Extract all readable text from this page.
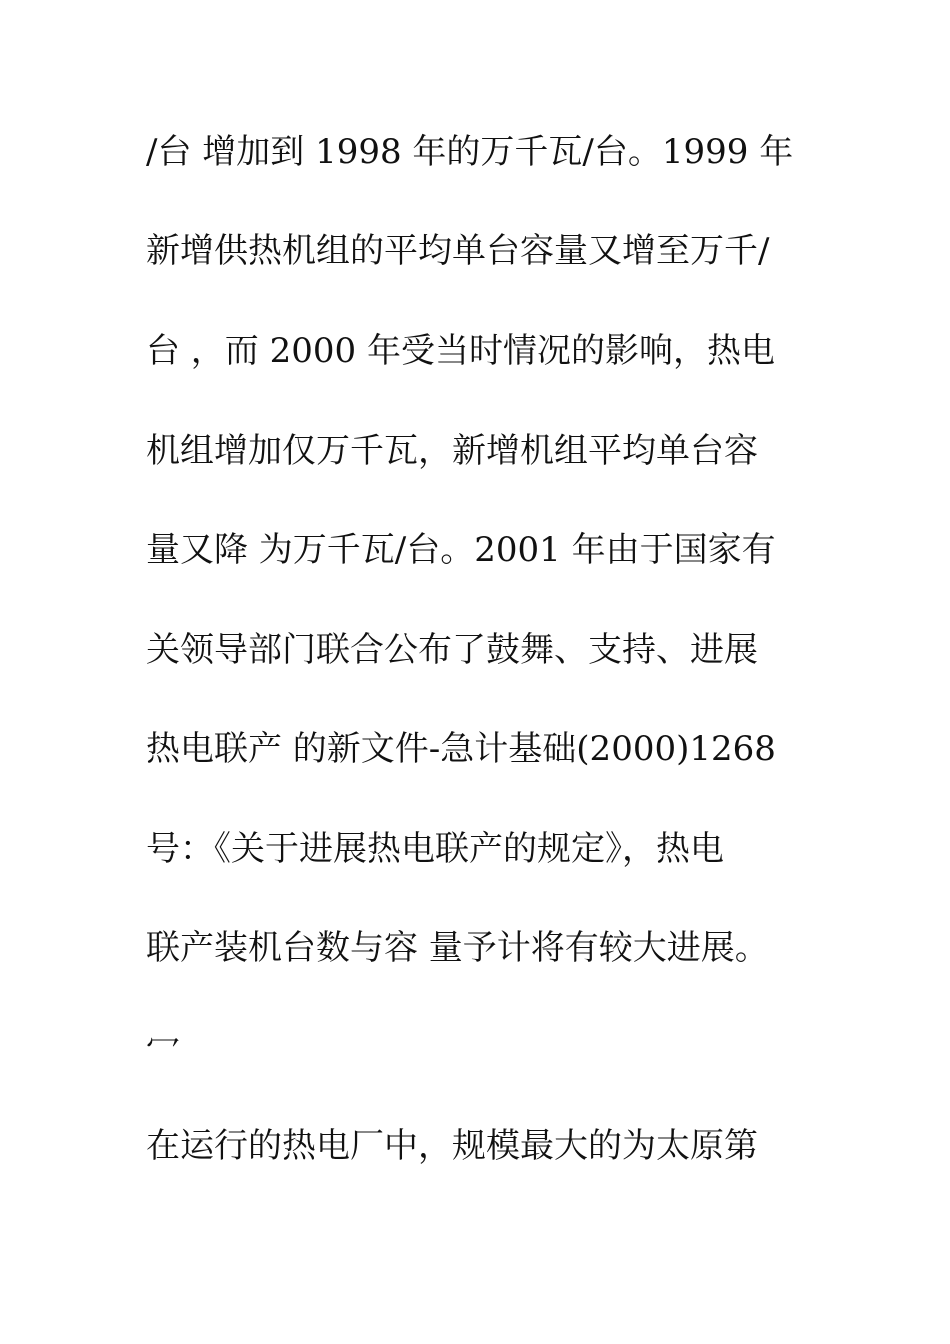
/台 增加到 1998 年的万千瓦/台。1999 年
新增供热机组的平均单台容量又增至万千/
台 ，而 2000 年受当时情况的影响，热电
机组增加仅万千瓦，新增机组平均单台容
量又降 为万千瓦/台。2001 年由于国家有
关领导部门联合公布了鼓舞、支持、进展
热电联产 的新文件-急计基础(2000)1268
号：《关于进展热电联产的规定》，热电
联产装机台数与容 量予计将有较大进展。
冖
在运行的热电厂中，规模最大的为太原第
